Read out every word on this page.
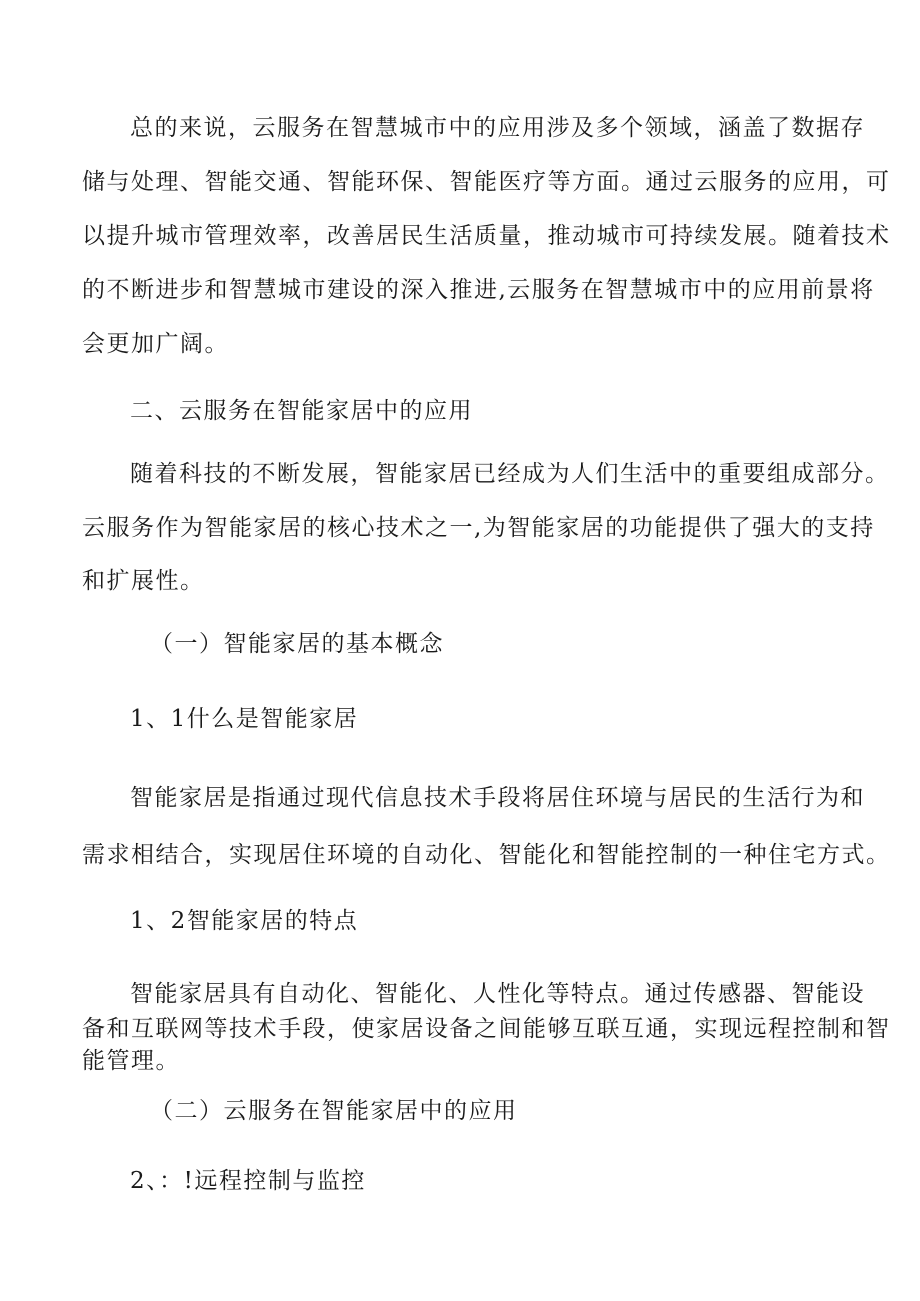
总的来说，云服务在智慧城市中的应用涉及多个领域，涵盖了数据存

储与处理、智能交通、智能环保、智能医疗等方面。通过云服务的应用，可

以提升城市管理效率，改善居民生活质量，推动城市可持续发展。随着技术

的不断进步和智慧城市建设的深入推进,云服务在智慧城市中的应用前景将

会更加广阔。

二、云服务在智能家居中的应用

随着科技的不断发展，智能家居已经成为人们生活中的重要组成部分。

云服务作为智能家居的核心技术之一,为智能家居的功能提供了强大的支持

和扩展性。

（一）智能家居的基本概念

1、1什么是智能家居

智能家居是指通过现代信息技术手段将居住环境与居民的生活行为和

需求相结合，实现居住环境的自动化、智能化和智能控制的一种住宅方式。

1、2智能家居的特点

智能家居具有自动化、智能化、人性化等特点。通过传感器、智能设

备和互联网等技术手段，使家居设备之间能够互联互通，实现远程控制和智

能管理。

（二）云服务在智能家居中的应用

2、：!远程控制与监控
